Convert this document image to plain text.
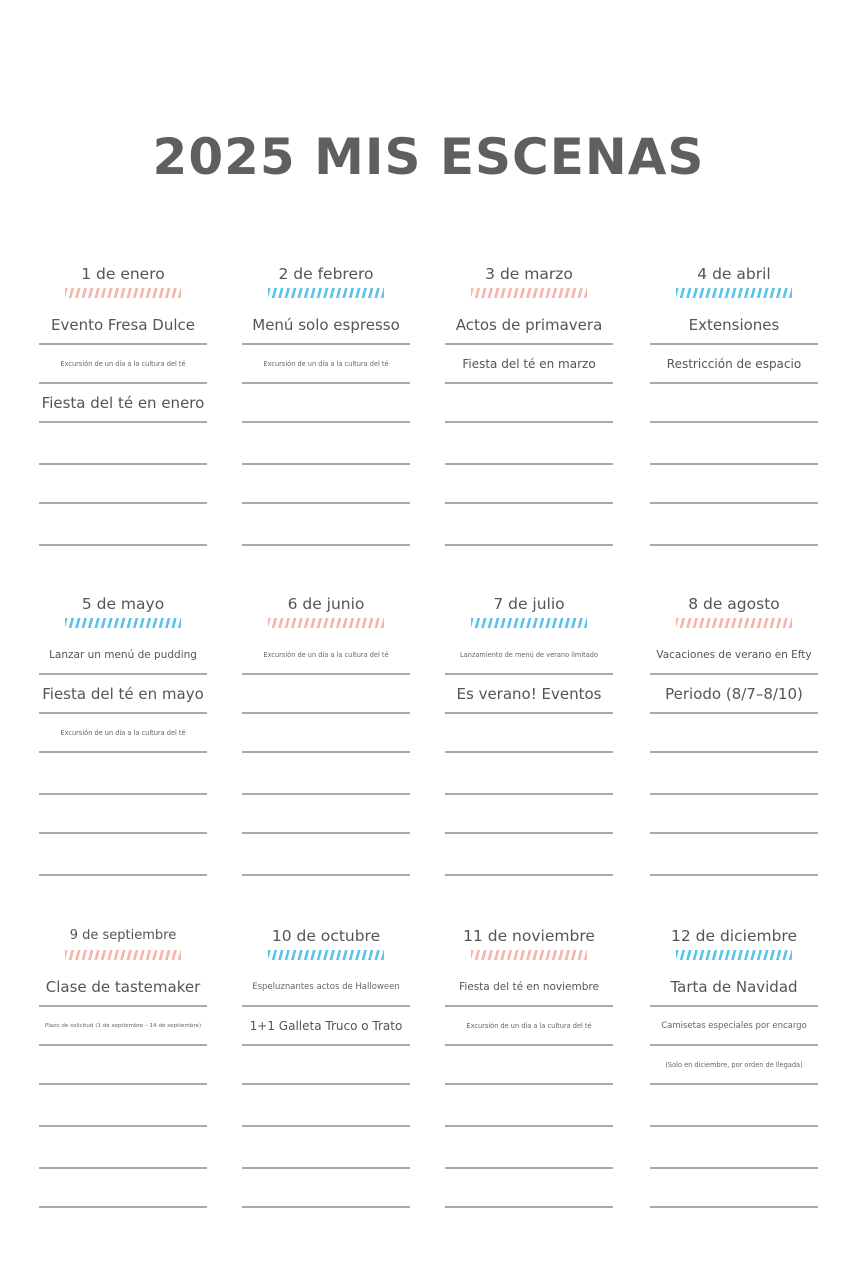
2025 MIS ESCENAS
1 de enero
Evento Fresa Dulce
Excursión de un día a la cultura del té
Fiesta del té en enero
2 de febrero
Menú solo espresso
Excursión de un día a la cultura del té
3 de marzo
Actos de primavera
Fiesta del té en marzo
4 de abril
Extensiones
Restricción de espacio
5 de mayo
Lanzar un menú de pudding
Fiesta del té en mayo
Excursión de un día a la cultura del té
6 de junio
Excursión de un día a la cultura del té
7 de julio
Lanzamiento de menú de verano limitado
Es verano! Eventos
8 de agosto
Vacaciones de verano en Efty
Periodo (8/7–8/10)
9 de septiembre
Clase de tastemaker
Plazo de solicitud (1 de septiembre – 14 de septiembre)
10 de octubre
Espeluznantes actos de Halloween
1+1 Galleta Truco o Trato
11 de noviembre
Fiesta del té en noviembre
Excursión de un día a la cultura del té
12 de diciembre
Tarta de Navidad
Camisetas especiales por encargo
(Solo en diciembre, por orden de llegada)
